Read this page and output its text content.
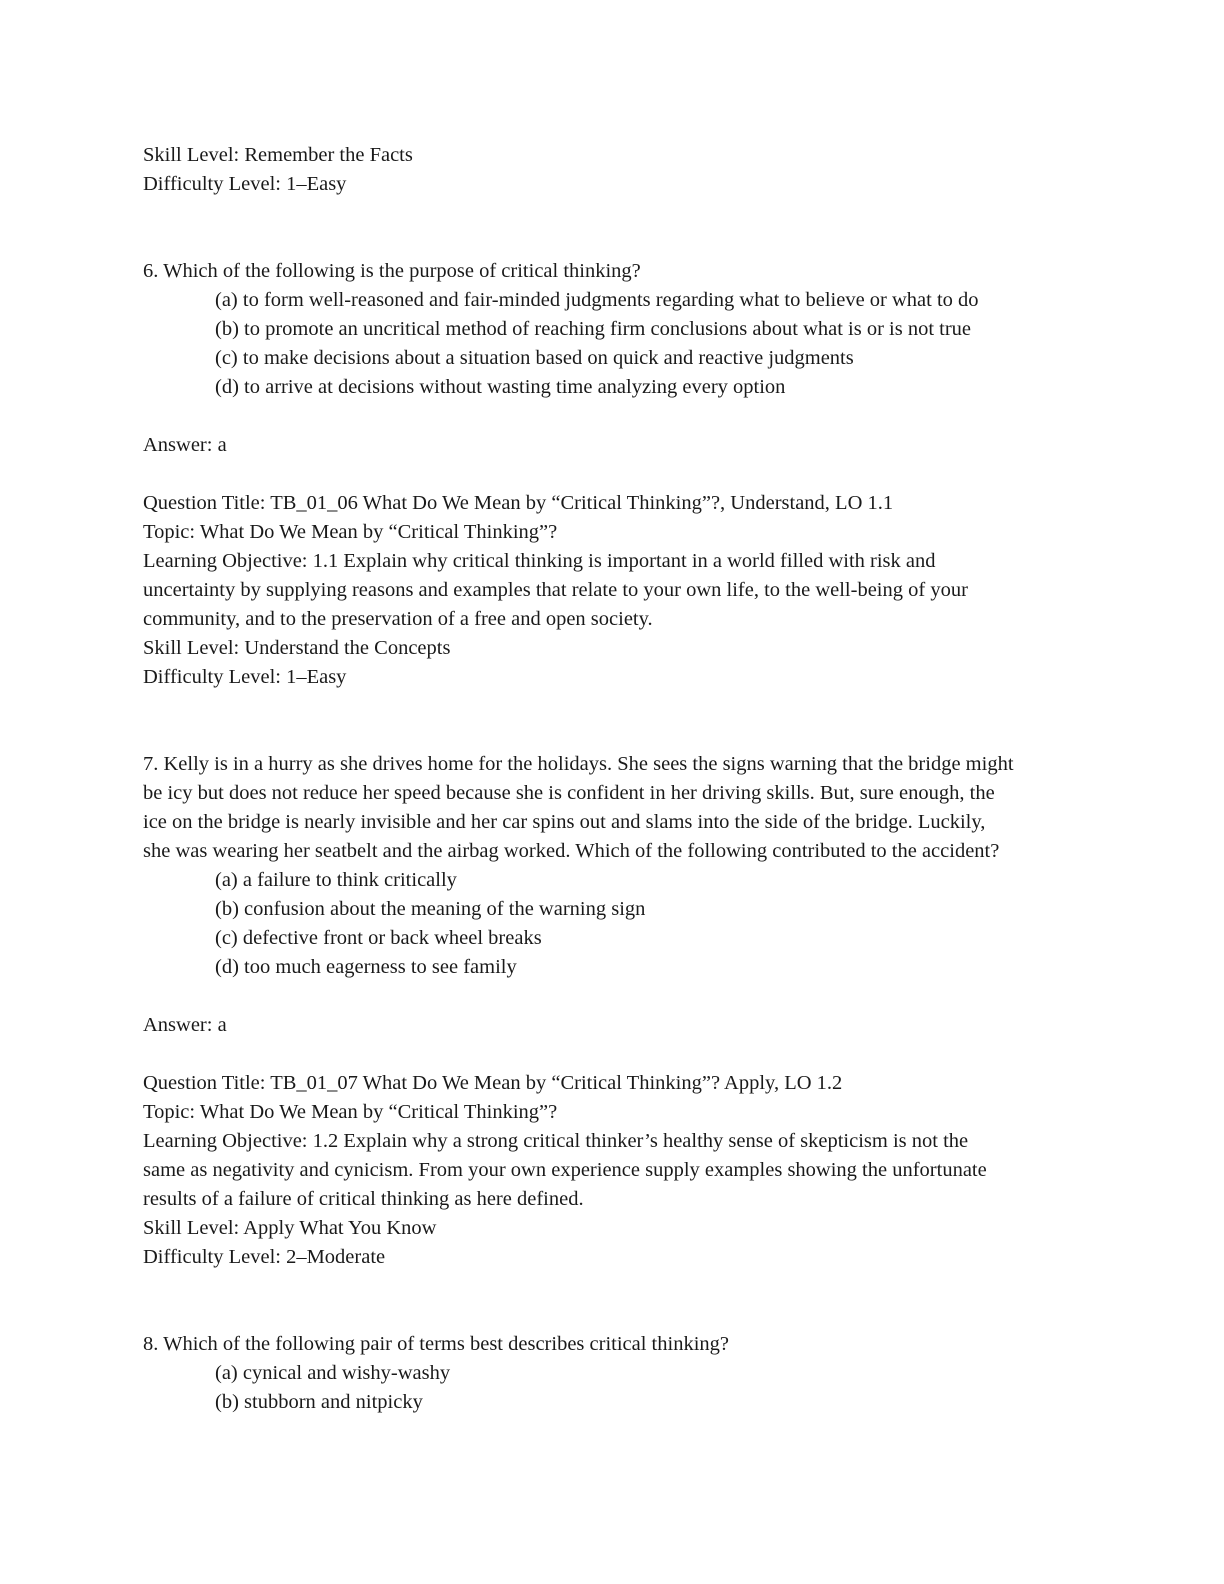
Skill Level: Remember the Facts
Difficulty Level: 1–Easy
6. Which of the following is the purpose of critical thinking?
(a) to form well-reasoned and fair-minded judgments regarding what to believe or what to do
(b) to promote an uncritical method of reaching firm conclusions about what is or is not true
(c) to make decisions about a situation based on quick and reactive judgments
(d) to arrive at decisions without wasting time analyzing every option
Answer: a
Question Title: TB_01_06 What Do We Mean by “Critical Thinking”?, Understand, LO 1.1
Topic: What Do We Mean by “Critical Thinking”?
Learning Objective: 1.1 Explain why critical thinking is important in a world filled with risk and
uncertainty by supplying reasons and examples that relate to your own life, to the well-being of your
community, and to the preservation of a free and open society.
Skill Level: Understand the Concepts
Difficulty Level: 1–Easy
7. Kelly is in a hurry as she drives home for the holidays. She sees the signs warning that the bridge might
be icy but does not reduce her speed because she is confident in her driving skills. But, sure enough, the
ice on the bridge is nearly invisible and her car spins out and slams into the side of the bridge. Luckily,
she was wearing her seatbelt and the airbag worked. Which of the following contributed to the accident?
(a) a failure to think critically
(b) confusion about the meaning of the warning sign
(c) defective front or back wheel breaks
(d) too much eagerness to see family
Answer: a
Question Title: TB_01_07 What Do We Mean by “Critical Thinking”? Apply, LO 1.2
Topic: What Do We Mean by “Critical Thinking”?
Learning Objective: 1.2 Explain why a strong critical thinker’s healthy sense of skepticism is not the
same as negativity and cynicism. From your own experience supply examples showing the unfortunate
results of a failure of critical thinking as here defined.
Skill Level: Apply What You Know
Difficulty Level: 2–Moderate
8. Which of the following pair of terms best describes critical thinking?
(a) cynical and wishy-washy
(b) stubborn and nitpicky
